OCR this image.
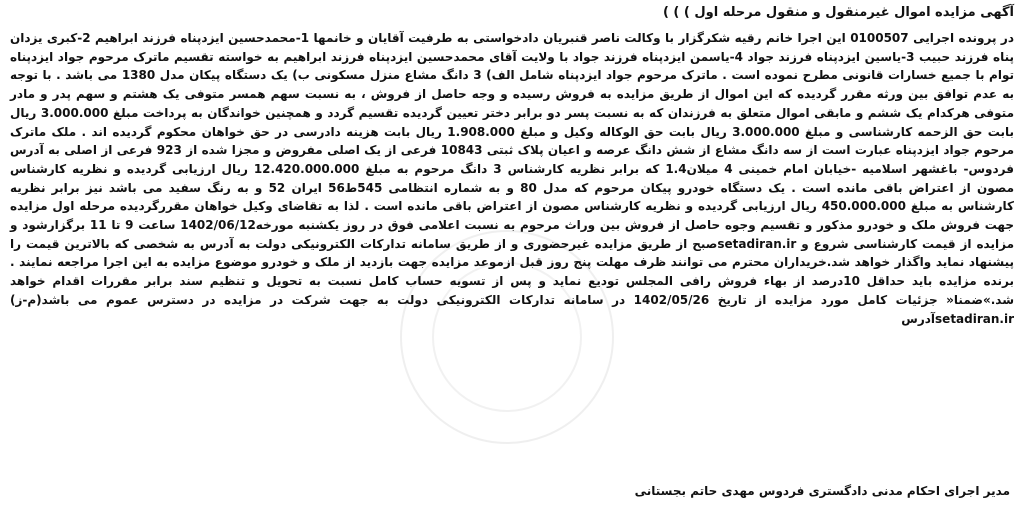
آگهی مزایده اموال غیرمنقول و منقول مرحله اول ) ) )

در پرونده اجرایی 0100507 این اجرا خانم رقیه شکرگزار با وکالت ناصر قنبریان دادخواستی به طرفیت آقایان و خانمها 1-محمدحسین ایزدپناه فرزند ابراهیم 2-کبری یزدان پناه فرزند حبیب 3-یاسین ایزدپناه فرزند جواد 4-یاسمن ایزدپناه فرزند جواد با ولایت آقای محمدحسین ایزدپناه فرزند ابراهیم به خواسته تقسیم ماترک مرحوم جواد ایزدپناه توام با جمیع خسارات قانونی مطرح نموده است . ماترک مرحوم جواد ایزدپناه شامل الف) 3 دانگ مشاع منزل مسکونی ب) یک دستگاه پیکان مدل 1380 می باشد . با توجه به عدم توافق بین ورثه مقرر گردیده که این اموال از طریق مزایده به فروش رسیده و وجه حاصل از فروش ، به نسبت سهم همسر متوفی یک هشتم و سهم پدر و مادر متوفی هرکدام یک ششم و مابقی اموال متعلق به فرزندان که به نسبت پسر دو برابر دختر تعیین گردیده تقسیم گردد و همچنین خواندگان به پرداخت مبلغ 3.000.000 ریال بابت حق الزحمه کارشناسی و مبلغ 3.000.000 ریال بابت حق الوکاله وکیل و مبلغ 1.908.000 ریال بابت هزینه دادرسی در حق خواهان محکوم گردیده اند . ملک ماترک مرحوم جواد ایزدپناه عبارت است از سه دانگ مشاع از شش دانگ عرصه و اعیان پلاک ثبتی 10843 فرعی از یک اصلی مفروض و مجزا شده از 923 فرعی از اصلی به آدرس فردوس- باغشهر اسلامیه -خیابان امام خمینی 4 میلان1.4 که برابر نظریه کارشناس 3 دانگ مرحوم به مبلغ 12.420.000.000 ریال ارزیابی گردیده و نظریه کارشناس مصون از اعتراض باقی مانده است . یک دستگاه خودرو پیکان مرحوم که مدل 80 و به شماره انتظامی 545ط56 ایران 52 و به رنگ سفید می باشد نیز برابر نظریه کارشناس به مبلغ 450.000.000 ریال ارزیابی گردیده و نظریه کارشناس مصون از اعتراض باقی مانده است . لذا به تقاضای وکیل خواهان مقررگردیده مرحله اول مزایده جهت فروش ملک و خودرو مذکور و تقسیم وجوه حاصل از فروش بین وراث مرحوم به نسبت اعلامی فوق در روز یکشنبه مورخه1402/06/12 ساعت 9 تا 11 برگزارشود و مزایده از قیمت کارشناسی شروع و setadiran.irصبح از طریق مزایده غیرحضوری و از طریق سامانه تدارکات الکترونیکی دولت به آدرس به شخصی که بالاترین قیمت را پیشنهاد نماید واگذار خواهد شد.خریداران محترم می توانند ظرف مهلت پنج روز قبل ازموعد مزایده جهت بازدید از ملک و خودرو موضوع مزایده به این اجرا مراجعه نمایند . برنده مزایده باید حداقل 10درصد از بهاء فروش رافی المجلس تودیع نماید و پس از تسویه حساب کامل نسبت به تحویل و تنظیم سند برابر مقررات اقدام خواهد شد.»ضمنا« جزئیات کامل مورد مزایده از تاریخ 1402/05/26 در سامانه تدارکات الکترونیکی دولت به جهت شرکت در مزایده در دسترس عموم می باشد(م-ز) setadiran.irآدرس

مدیر اجرای احکام مدنی دادگستری فردوس مهدی حاتم بجستانی
